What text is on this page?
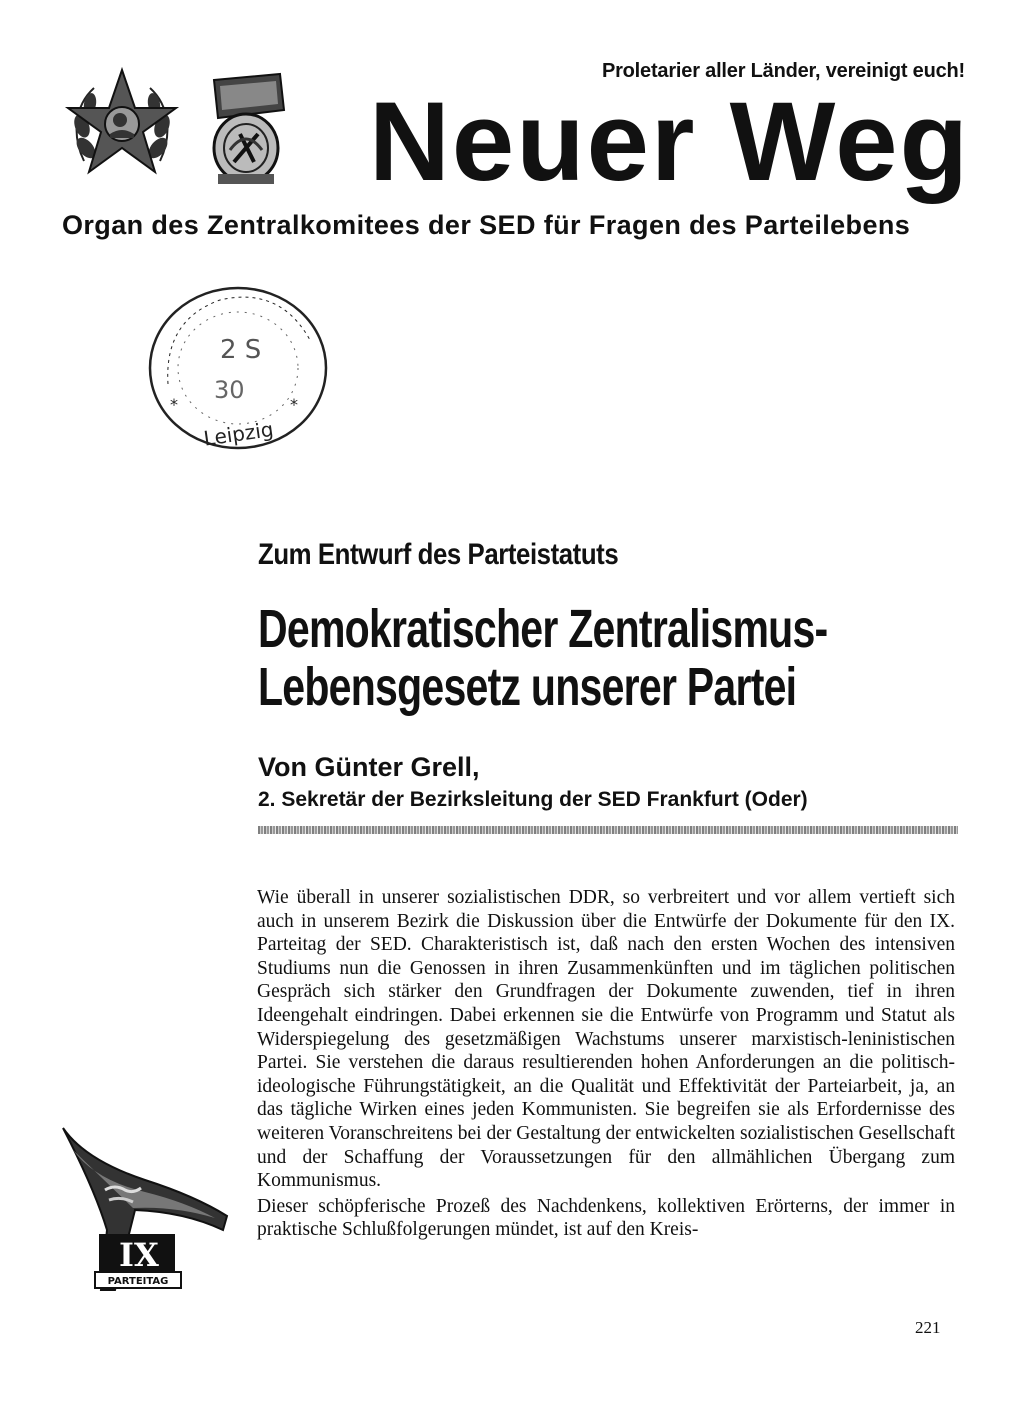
Proletarier aller Länder, vereinigt euch!
Neuer Weg
Organ des Zentralkomitees der SED für Fragen des Parteilebens
2 S
30
*	*
Leipzig
Zum Entwurf des Parteistatuts
Demokratischer Zentralismus-
Lebensgesetz unserer Partei
Von Günter Grell,
2. Sekretär der Bezirksleitung der SED Frankfurt (Oder)

Wie überall in unserer sozialistischen DDR, so verbreitert und vor allem vertieft sich auch in unserem Bezirk die Diskussion über die Entwürfe der Dokumente für den IX. Parteitag der SED. Charakteristisch ist, daß nach den ersten Wochen des intensiven Studiums nun die Genossen in ihren Zusammenkünften und im täglichen politischen Gespräch sich stärker den Grundfragen der Dokumente zuwenden, tief in ihren Ideengehalt eindringen. Dabei erkennen sie die Entwürfe von Programm und Statut als Widerspiegelung des gesetzmäßigen Wachstums unserer marxistisch-leninistischen Partei. Sie verstehen die daraus resultierenden hohen Anforderungen an die politisch-ideologische Führungstätigkeit, an die Qualität und Effektivität der Parteiarbeit, ja, an das tägliche Wirken eines jeden Kommunisten. Sie begreifen sie als Erfordernisse des weiteren Voranschreitens bei der Gestaltung der entwickelten sozialistischen Gesellschaft und der Schaffung der Voraussetzungen für den allmählichen Übergang zum Kommunismus.

Dieser schöpferische Prozeß des Nachdenkens, kollektiven Erörterns, der immer in praktische Schlußfolgerungen mündet, ist auf den Kreis-

IX
PARTEITAG
221
